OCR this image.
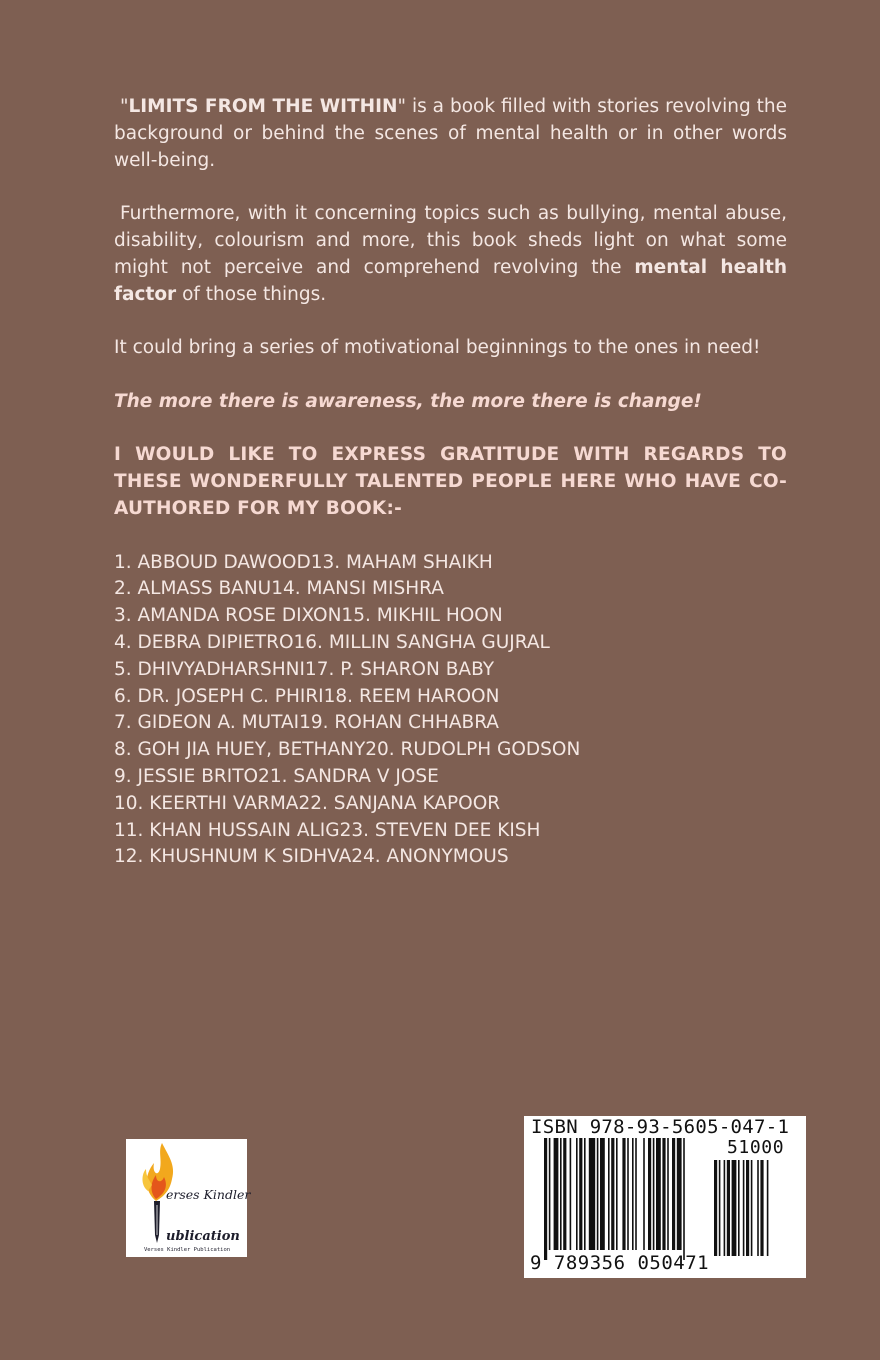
"LIMITS FROM THE WITHIN" is a book filled with stories revolving the background or behind the scenes of mental health or in other words well-being.

Furthermore, with it concerning topics such as bullying, mental abuse, disability, colourism and more, this book sheds light on what some might not perceive and comprehend revolving the mental health factor of those things.

It could bring a series of motivational beginnings to the ones in need!

The more there is awareness, the more there is change!

I WOULD LIKE TO EXPRESS GRATITUDE WITH REGARDS TO THESE WONDERFULLY TALENTED PEOPLE HERE WHO HAVE CO-AUTHORED FOR MY BOOK:-

1. ABBOUD DAWOOD13. MAHAM SHAIKH
2. ALMASS BANU14. MANSI MISHRA
3. AMANDA ROSE DIXON15. MIKHIL HOON
4. DEBRA DIPIETRO16. MILLIN SANGHA GUJRAL
5. DHIVYADHARSHNI17. P. SHARON BABY
6. DR. JOSEPH C. PHIRI18. REEM HAROON
7. GIDEON A. MUTAI19. ROHAN CHHABRA
8. GOH JIA HUEY, BETHANY20. RUDOLPH GODSON
9. JESSIE BRITO21. SANDRA V JOSE
10. KEERTHI VARMA22. SANJANA KAPOOR
11. KHAN HUSSAIN ALIG23. STEVEN DEE KISH
12. KHUSHNUM K SIDHVA24. ANONYMOUS
erses Kindler
ublication
Verses Kindler Publication
ISBN 978-93-5605-047-1
51000
9 789356 050471
